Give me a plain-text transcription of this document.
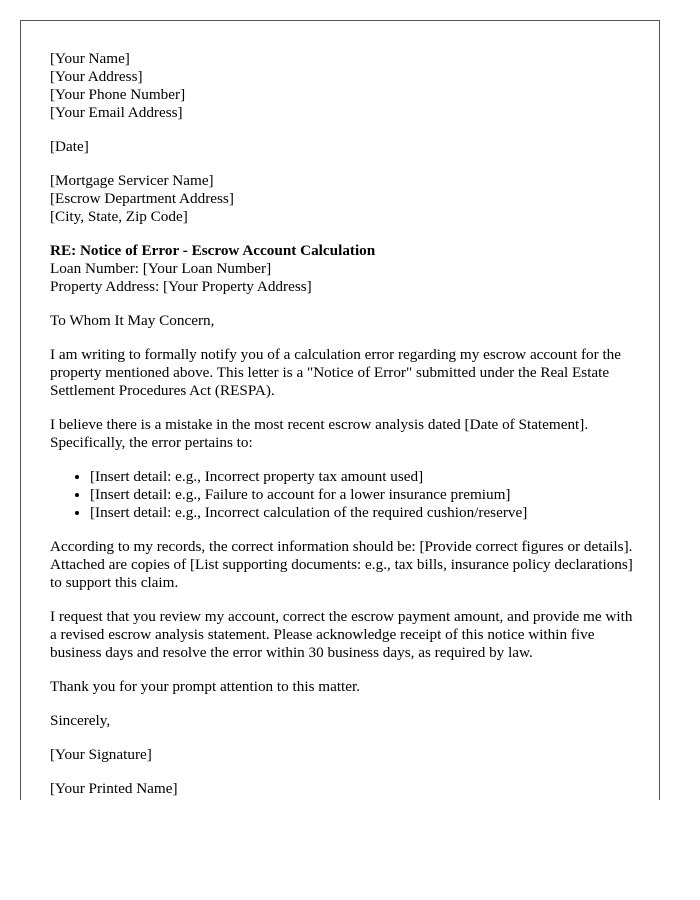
[Your Name]
[Your Address]
[Your Phone Number]
[Your Email Address]
[Date]
[Mortgage Servicer Name]
[Escrow Department Address]
[City, State, Zip Code]
RE: Notice of Error - Escrow Account Calculation
Loan Number: [Your Loan Number]
Property Address: [Your Property Address]
To Whom It May Concern,
I am writing to formally notify you of a calculation error regarding my escrow account for the property mentioned above. This letter is a "Notice of Error" submitted under the Real Estate Settlement Procedures Act (RESPA).
I believe there is a mistake in the most recent escrow analysis dated [Date of Statement]. Specifically, the error pertains to:
• [Insert detail: e.g., Incorrect property tax amount used]
• [Insert detail: e.g., Failure to account for a lower insurance premium]
• [Insert detail: e.g., Incorrect calculation of the required cushion/reserve]
According to my records, the correct information should be: [Provide correct figures or details]. Attached are copies of [List supporting documents: e.g., tax bills, insurance policy declarations] to support this claim.
I request that you review my account, correct the escrow payment amount, and provide me with a revised escrow analysis statement. Please acknowledge receipt of this notice within five business days and resolve the error within 30 business days, as required by law.
Thank you for your prompt attention to this matter.
Sincerely,
[Your Signature]
[Your Printed Name]
